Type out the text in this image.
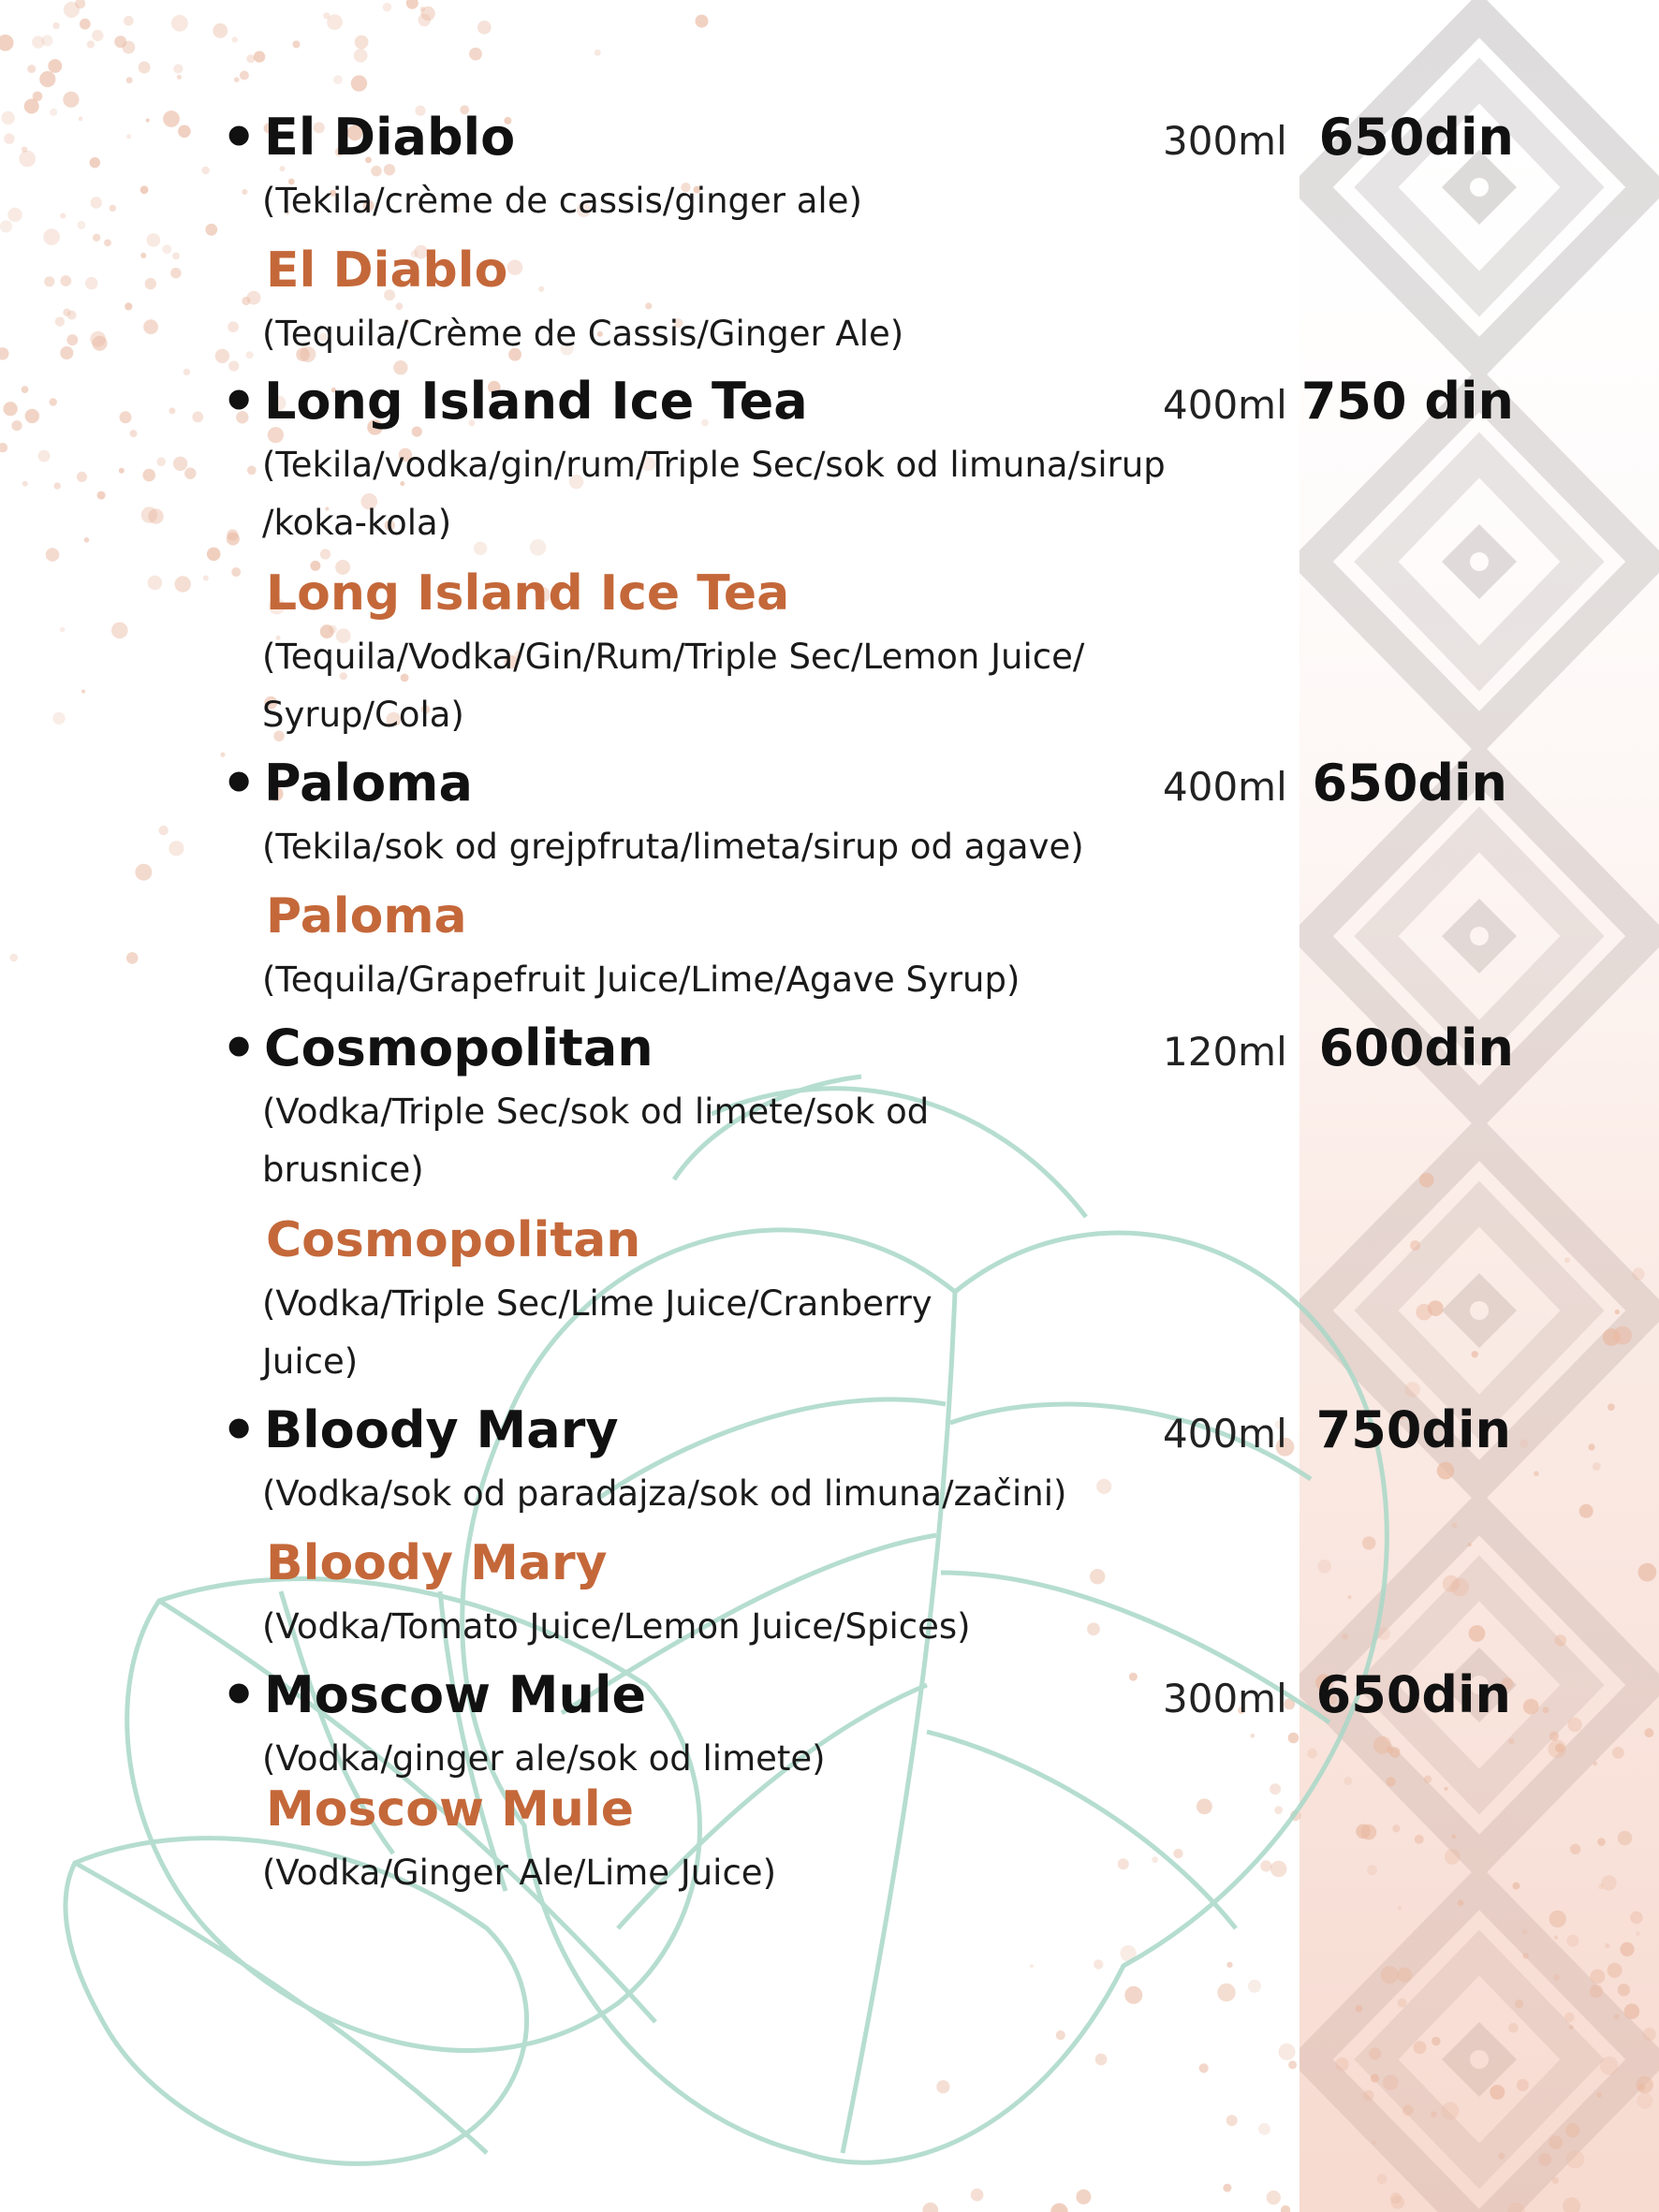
• El Diablo	300ml 650din
(Tekila/crème de cassis/ginger ale)
El Diablo
(Tequila/Crème de Cassis/Ginger Ale)
• Long Island Ice Tea	400ml 750 din
(Tekila/vodka/gin/rum/Triple Sec/sok od limuna/sirup
/koka-kola)
Long Island Ice Tea
(Tequila/Vodka/Gin/Rum/Triple Sec/Lemon Juice/
Syrup/Cola)
• Paloma	400ml 650din
(Tekila/sok od grejpfruta/limeta/sirup od agave)
Paloma
(Tequila/Grapefruit Juice/Lime/Agave Syrup)
• Cosmopolitan	120ml 600din
(Vodka/Triple Sec/sok od limete/sok od
brusnice)
Cosmopolitan
(Vodka/Triple Sec/Lime Juice/Cranberry
Juice)
• Bloody Mary	400ml 750din
(Vodka/sok od paradajza/sok od limuna/začini)
Bloody Mary
(Vodka/Tomato Juice/Lemon Juice/Spices)
• Moscow Mule	300ml 650din
(Vodka/ginger ale/sok od limete)
Moscow Mule
(Vodka/Ginger Ale/Lime Juice)
